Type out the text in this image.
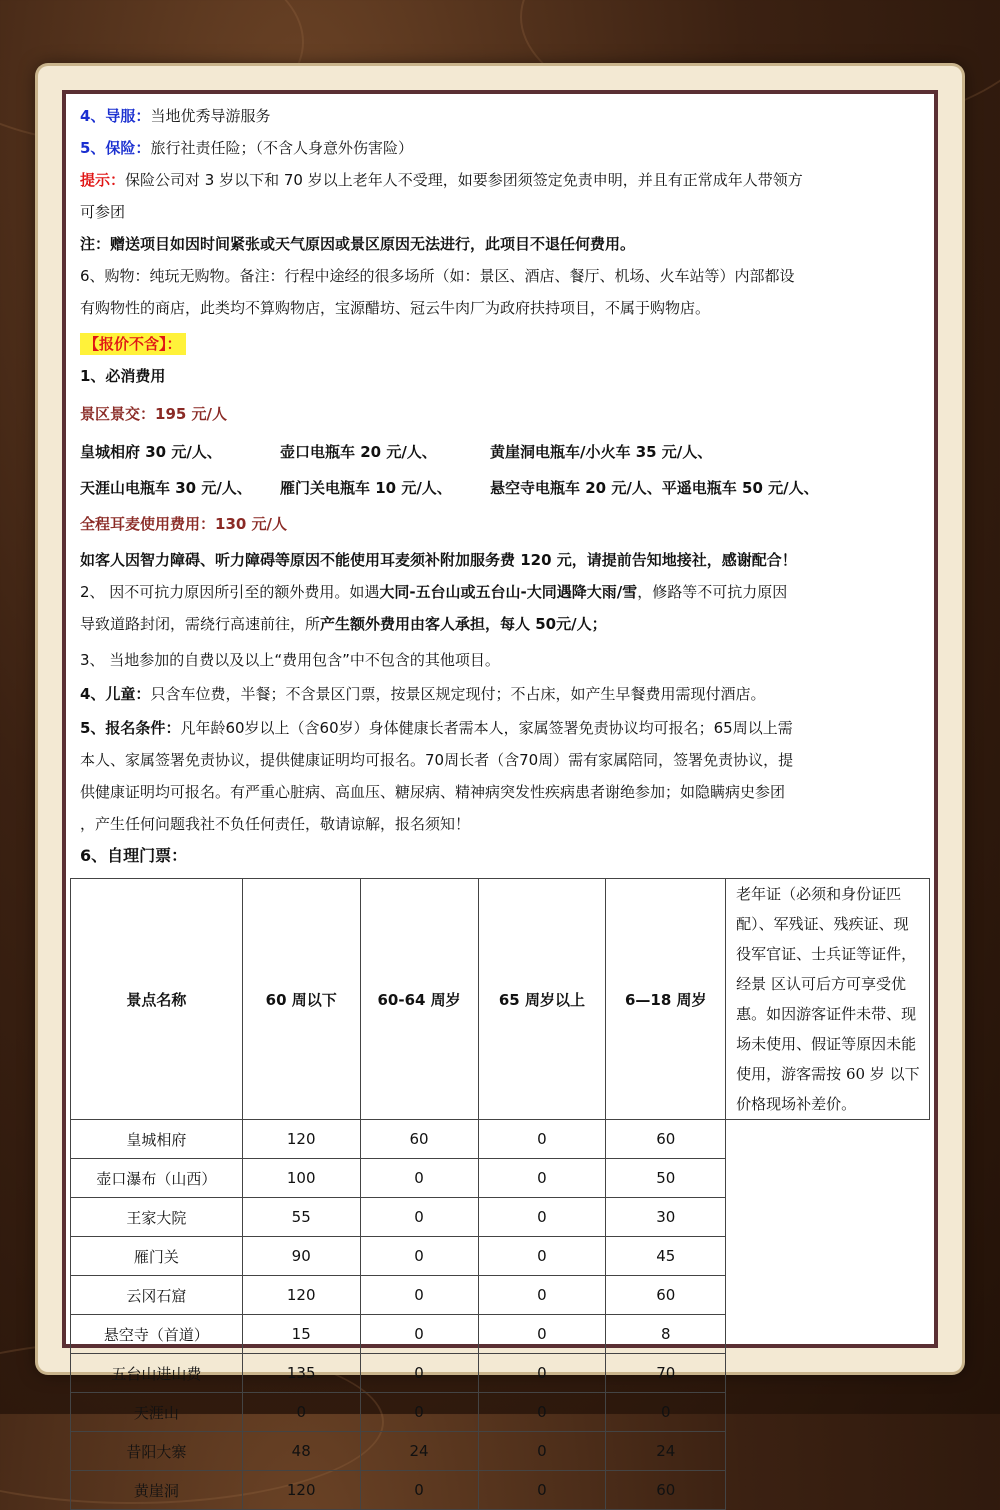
4、导服：当地优秀导游服务
5、保险：旅行社责任险；（不含人身意外伤害险）
提示：保险公司对 3 岁以下和 70 岁以上老年人不受理，如要参团须签定免责申明，并且有正常成年人带领方
可参团
注：赠送项目如因时间紧张或天气原因或景区原因无法进行，此项目不退任何费用。
6、购物：纯玩无购物。备注：行程中途经的很多场所（如：景区、酒店、餐厅、机场、火车站等）内部都设
有购物性的商店，此类均不算购物店，宝源醋坊、冠云牛肉厂为政府扶持项目，不属于购物店。
【报价不含】：
1、必消费用
景区景交：195 元/人
皇城相府 30 元/人、	壶口电瓶车 20 元/人、	黄崖洞电瓶车/小火车 35 元/人、
天涯山电瓶车 30 元/人、 雁门关电瓶车 10 元/人、	悬空寺电瓶车 20 元/人、平遥电瓶车 50 元/人、
全程耳麦使用费用：130 元/人
如客人因智力障碍、听力障碍等原因不能使用耳麦须补附加服务费 120 元，请提前告知地接社，感谢配合！
2、 因不可抗力原因所引至的额外费用。如遇大同-五台山或五台山-大同遇降大雨/雪，修路等不可抗力原因
导致道路封闭，需绕行高速前往，所产生额外费用由客人承担，每人 50元/人；
3、 当地参加的自费以及以上“费用包含”中不包含的其他项目。
4、儿童：只含车位费，半餐；不含景区门票，按景区规定现付；不占床，如产生早餐费用需现付酒店。
5、报名条件：凡年龄60岁以上（含60岁）身体健康长者需本人，家属签署免责协议均可报名；65周以上需
本人、家属签署免责协议，提供健康证明均可报名。70周长者（含70周）需有家属陪同，签署免责协议，提
供健康证明均可报名。有严重心脏病、高血压、糖尿病、精神病突发性疾病患者谢绝参加；如隐瞒病史参团
，产生任何问题我社不负任何责任，敬请谅解，报名须知！
6、自理门票：
景点名称	60 周以下	60-64 周岁	65 周岁以上	6—18 周岁	老年证（必须和身份证匹配）、军残证、残疾证、现役军官证、士兵证等证件，经景 区认可后方可享受优惠。如因游客证件未带、现场未使用、假证等原因未能使用，游客需按 60 岁 以下价格现场补差价。
皇城相府	120	60	0	60	
壶口瀑布（山西）	100	0	0	50	
王家大院	55	0	0	30	
雁门关	90	0	0	45	
云冈石窟	120	0	0	60	
悬空寺（首道）	15	0	0	8	
五台山进山费	135	0	0	70	
天涯山	0	0	0	0	
昔阳大寨	48	24	0	24	
黄崖洞	120	0	0	60	
